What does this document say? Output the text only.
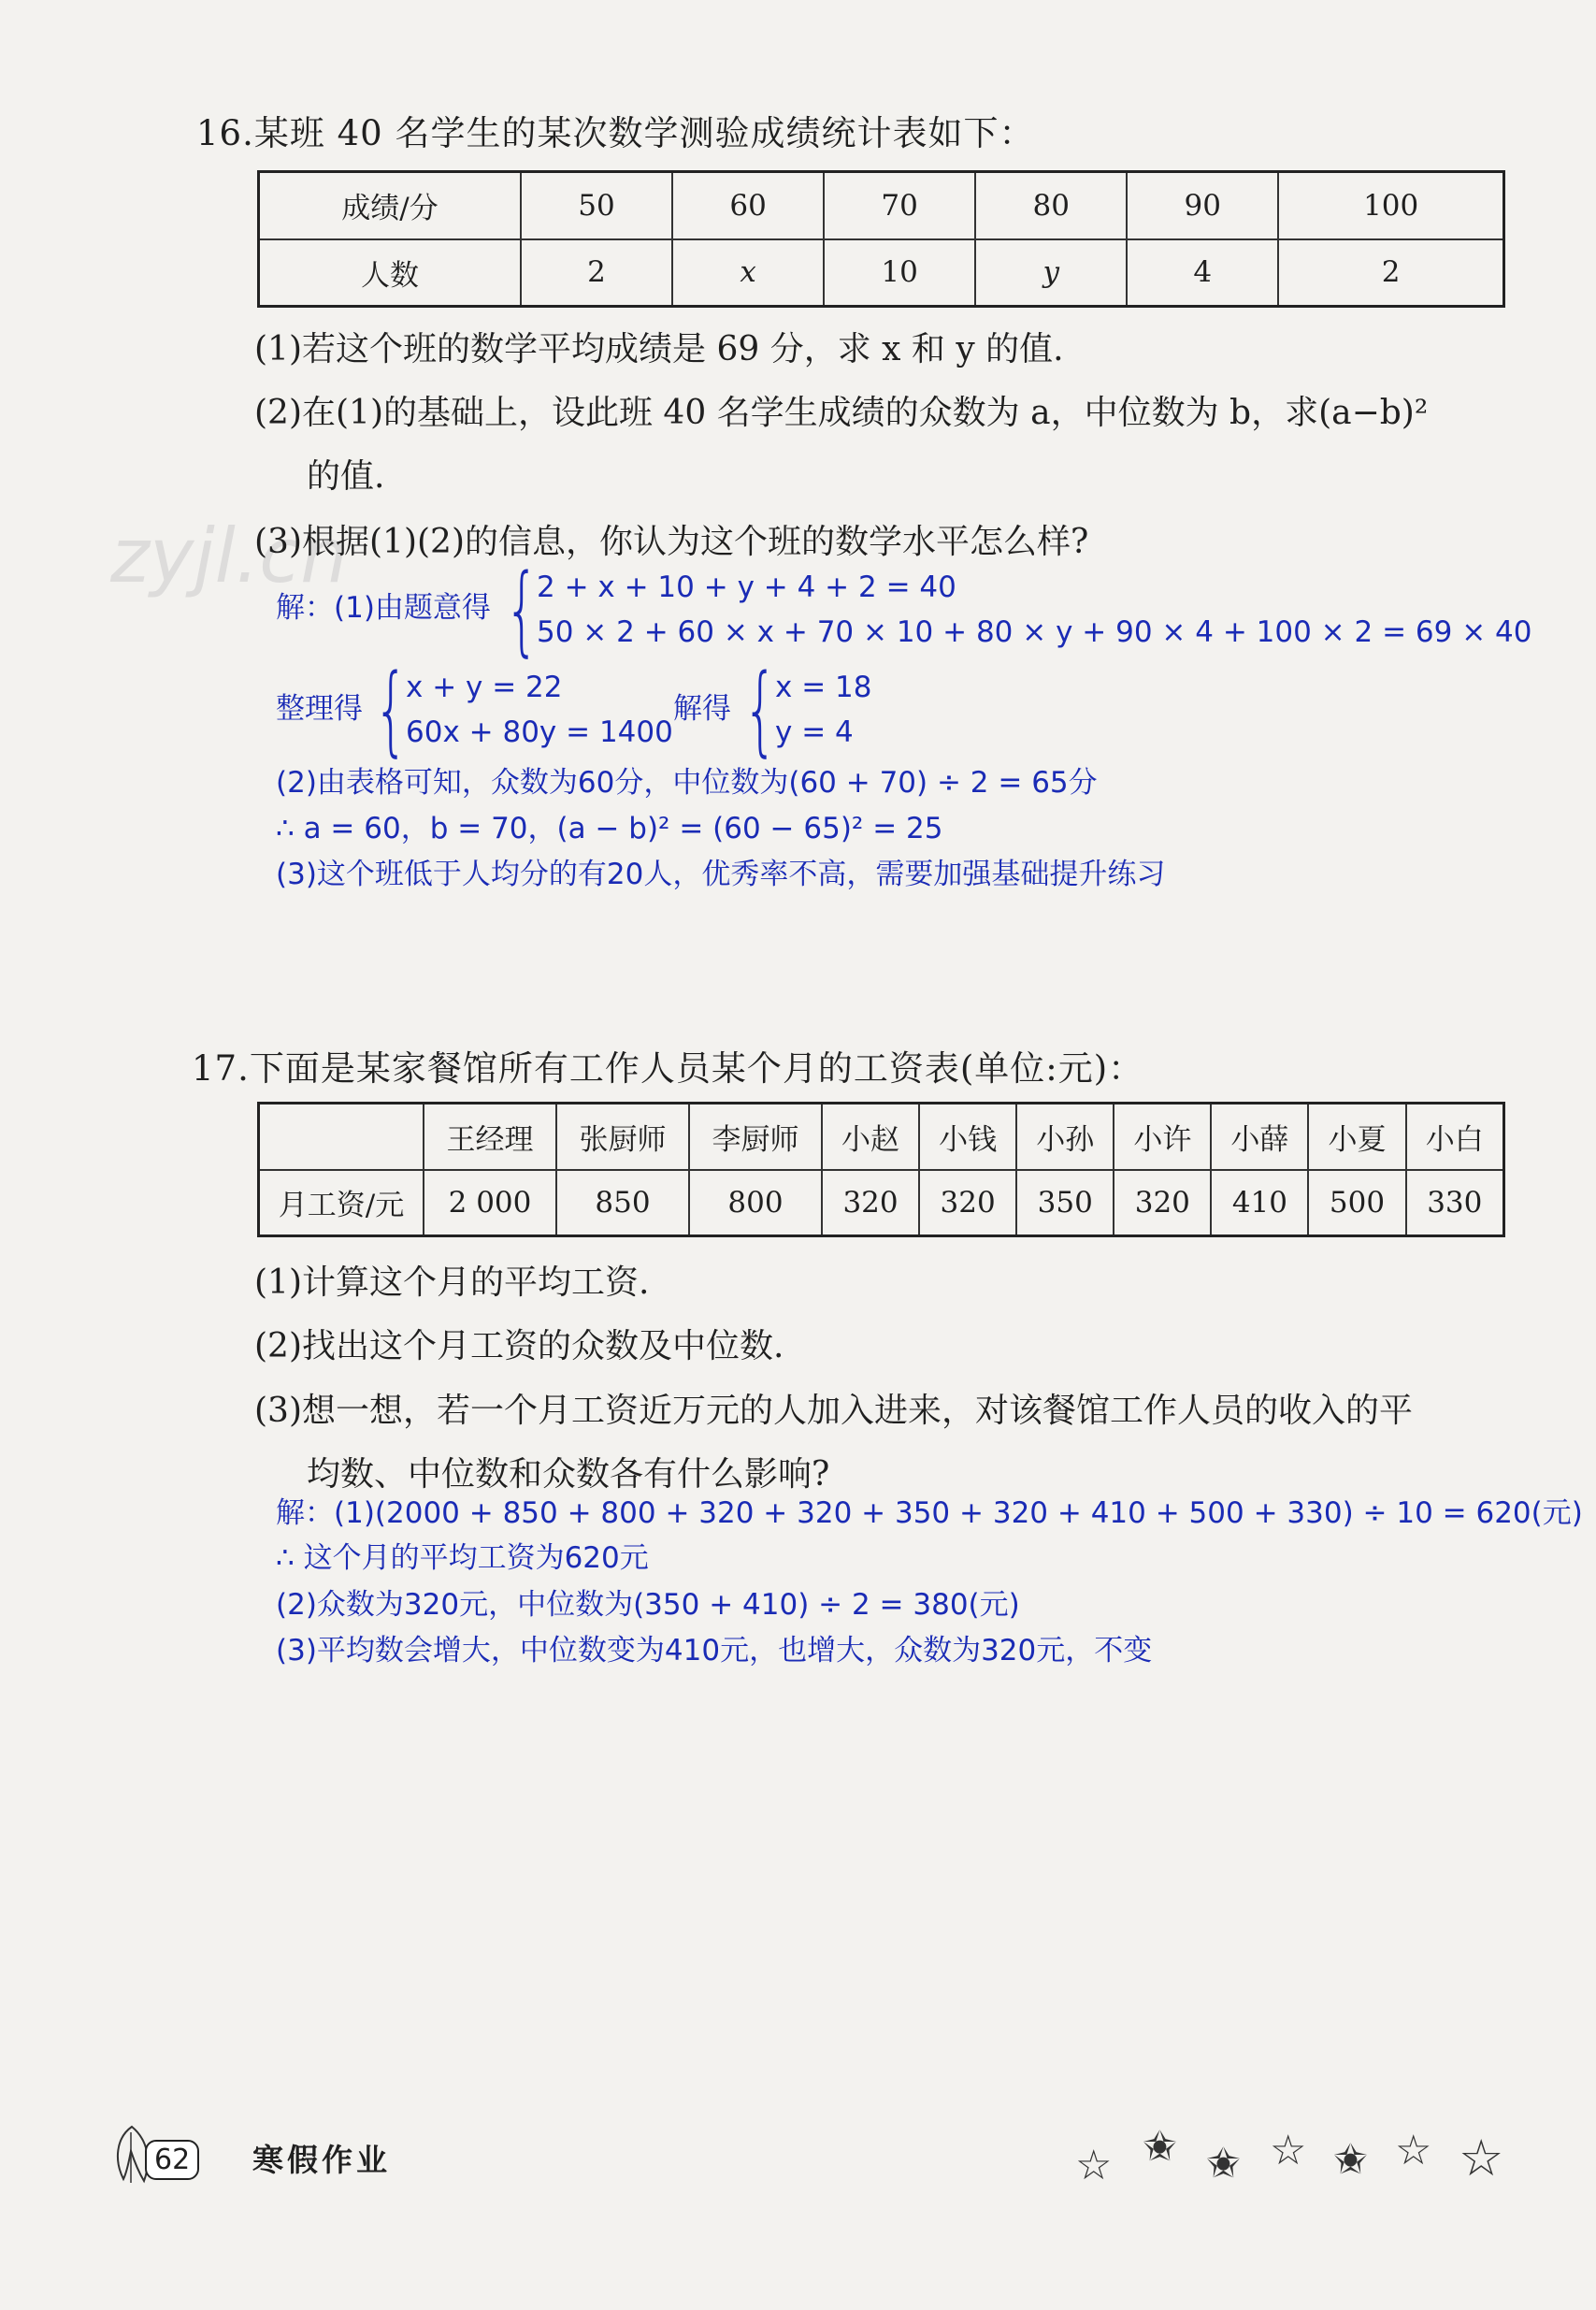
zyjl.cn
16.某班 40 名学生的某次数学测验成绩统计表如下：
成绩/分	50	60	70	80	90	100
人数	2	x	10	y	4	2
(1)若这个班的数学平均成绩是 69 分，求 x 和 y 的值.
(2)在(1)的基础上，设此班 40 名学生成绩的众数为 a，中位数为 b，求(a−b)²
的值.
(3)根据(1)(2)的信息，你认为这个班的数学水平怎么样?
解：(1)由题意得 {
2 + x + 10 + y + 4 + 2 = 40
50 × 2 + 60 × x + 70 × 10 + 80 × y + 90 × 4 + 100 × 2 = 69 × 40
整理得 {
x + y = 22
60x + 80y = 1400
解得 {
x = 18
y = 4
(2)由表格可知，众数为60分，中位数为(60 + 70) ÷ 2 = 65分
∴ a = 60，b = 70，(a − b)² = (60 − 65)² = 25
(3)这个班低于人均分的有20人，优秀率不高，需要加强基础提升练习
17.下面是某家餐馆所有工作人员某个月的工资表(单位:元)：
	王经理	张厨师	李厨师	小赵	小钱	小孙	小许	小薛	小夏	小白
月工资/元	2 000	850	800	320	320	350	320	410	500	330
(1)计算这个月的平均工资.
(2)找出这个月工资的众数及中位数.
(3)想一想，若一个月工资近万元的人加入进来，对该餐馆工作人员的收入的平
均数、中位数和众数各有什么影响?
解：(1)(2000 + 850 + 800 + 320 + 320 + 350 + 320 + 410 + 500 + 330) ÷ 10 = 620(元)
∴ 这个月的平均工资为620元
(2)众数为320元，中位数为(350 + 410) ÷ 2 = 380(元)
(3)平均数会增大，中位数变为410元，也增大，众数为320元，不变
62	寒假作业	☆ ✬ ✬ ☆ ✬ ☆ ☆
